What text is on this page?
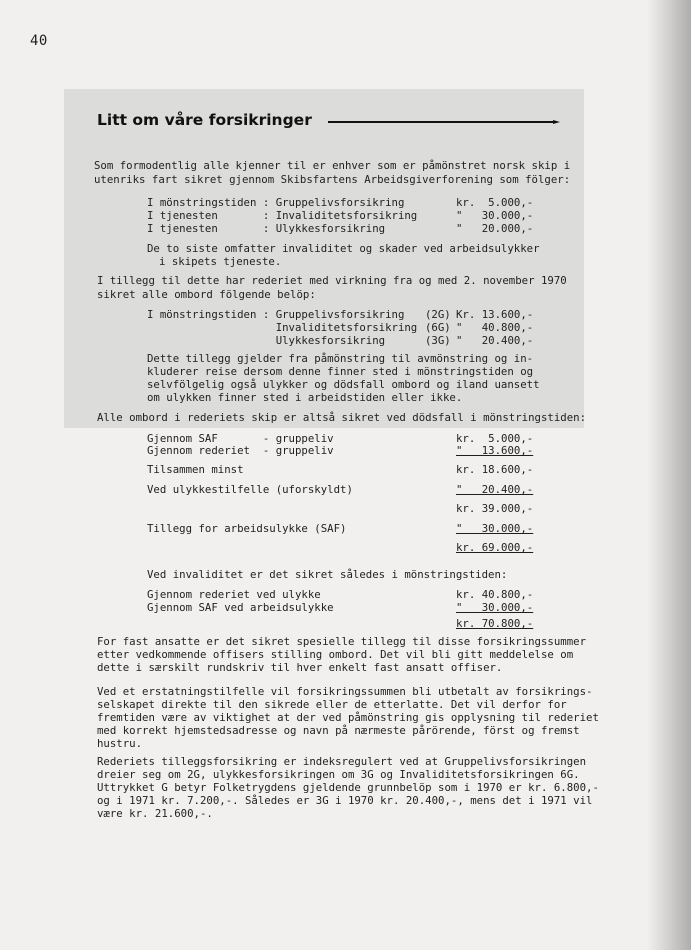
40
Litt om våre forsikringer
Som formodentlig alle kjenner til er enhver som er påmönstret norsk skip i
utenriks fart sikret gjennom Skibsfartens Arbeidsgiverforening som fölger:
I mönstringstiden : Gruppelivsforsikring	kr.  5.000,-
I tjenesten       : Invaliditetsforsikring	"   30.000,-
I tjenesten       : Ulykkesforsikring	"   20.000,-
De to siste omfatter invaliditet og skader ved arbeidsulykker
i skipets tjeneste.
I tillegg til dette har rederiet med virkning fra og med 2. november 1970
sikret alle ombord fölgende belöp:
I mönstringstiden : Gruppelivsforsikring (2G) Kr. 13.600,-
Invaliditetsforsikring (6G) "   40.800,-
Ulykkesforsikring	(3G) "   20.400,-
Dette tillegg gjelder fra påmönstring til avmönstring og in-
kluderer reise dersom denne finner sted i mönstringstiden og
selvfölgelig også ulykker og dödsfall ombord og iland uansett
om ulykken finner sted i arbeidstiden eller ikke.
Alle ombord i rederiets skip er altså sikret ved dödsfall i mönstringstiden:
Gjennom SAF       - gruppeliv	kr.  5.000,-
Gjennom rederiet  - gruppeliv	"   13.600,-
Tilsammen minst	kr. 18.600,-
Ved ulykkestilfelle (uforskyldt)	"   20.400,-
kr. 39.000,-
Tillegg for arbeidsulykke (SAF)	"   30.000,-
kr. 69.000,-
Ved invaliditet er det sikret således i mönstringstiden:
Gjennom rederiet ved ulykke	kr. 40.800,-
Gjennom SAF ved arbeidsulykke	"   30.000,-
kr. 70.800,-
For fast ansatte er det sikret spesielle tillegg til disse forsikringssummer
etter vedkommende offisers stilling ombord. Det vil bli gitt meddelelse om
dette i særskilt rundskriv til hver enkelt fast ansatt offiser.
Ved et erstatningstilfelle vil forsikringssummen bli utbetalt av forsikrings-
selskapet direkte til den sikrede eller de etterlatte. Det vil derfor for
fremtiden være av viktighet at der ved påmönstring gis opplysning til rederiet
med korrekt hjemstedsadresse og navn på nærmeste pårörende, först og fremst
hustru.
Rederiets tilleggsforsikring er indeksregulert ved at Gruppelivsforsikringen
dreier seg om 2G, ulykkesforsikringen om 3G og Invaliditetsforsikringen 6G.
Uttrykket G betyr Folketrygdens gjeldende grunnbelöp som i 1970 er kr. 6.800,-
og i 1971 kr. 7.200,-. Således er 3G i 1970 kr. 20.400,-, mens det i 1971 vil
være kr. 21.600,-.
